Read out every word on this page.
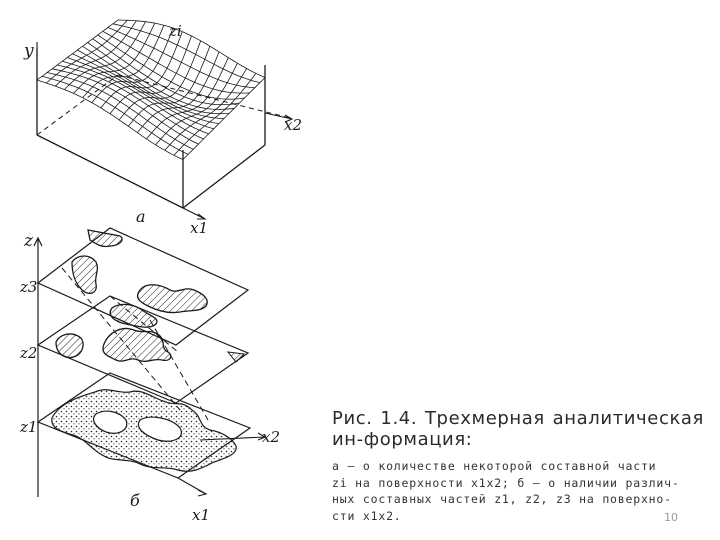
y
zi
x2
x1
а
z
z3
z2
z1
x2
x1
б
Рис. 1.4. Трехмерная аналитическая ин-формация:
а — о количестве некоторой составной части
zi на поверхности x1x2; б — о наличии различ-
ных составных частей z1, z2, z3 на поверхно-
сти x1x2.	10
